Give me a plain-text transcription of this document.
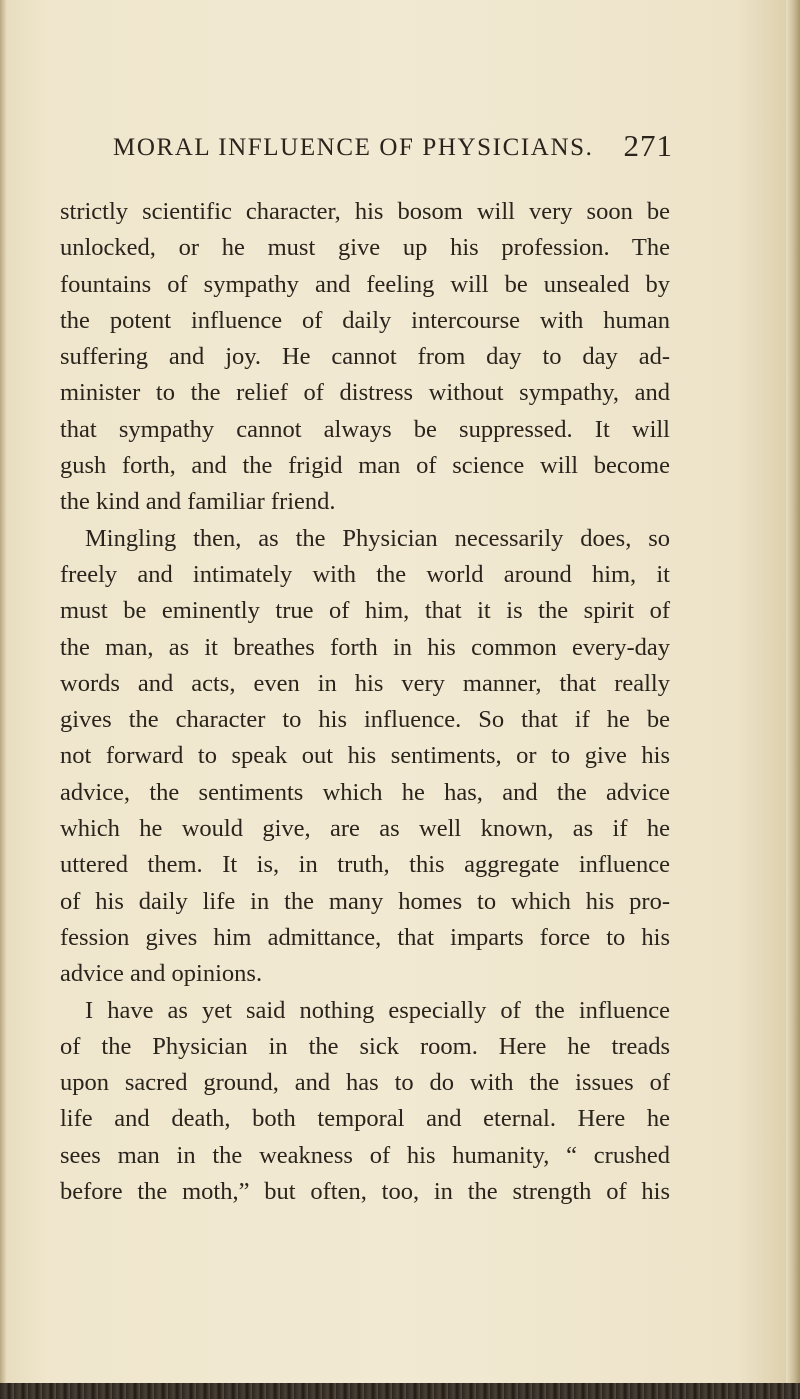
MORAL INFLUENCE OF PHYSICIANS. 271
strictly scientific character, his bosom will very soon be
unlocked, or he must give up his profession. The
fountains of sympathy and feeling will be unsealed by
the potent influence of daily intercourse with human
suffering and joy. He cannot from day to day ad-
minister to the relief of distress without sympathy, and
that sympathy cannot always be suppressed. It will
gush forth, and the frigid man of science will become
the kind and familiar friend.
Mingling then, as the Physician necessarily does, so
freely and intimately with the world around him, it
must be eminently true of him, that it is the spirit of
the man, as it breathes forth in his common every-day
words and acts, even in his very manner, that really
gives the character to his influence. So that if he be
not forward to speak out his sentiments, or to give his
advice, the sentiments which he has, and the advice
which he would give, are as well known, as if he
uttered them. It is, in truth, this aggregate influence
of his daily life in the many homes to which his pro-
fession gives him admittance, that imparts force to his
advice and opinions.
I have as yet said nothing especially of the influence
of the Physician in the sick room. Here he treads
upon sacred ground, and has to do with the issues of
life and death, both temporal and eternal. Here he
sees man in the weakness of his humanity, “ crushed
before the moth,” but often, too, in the strength of his
